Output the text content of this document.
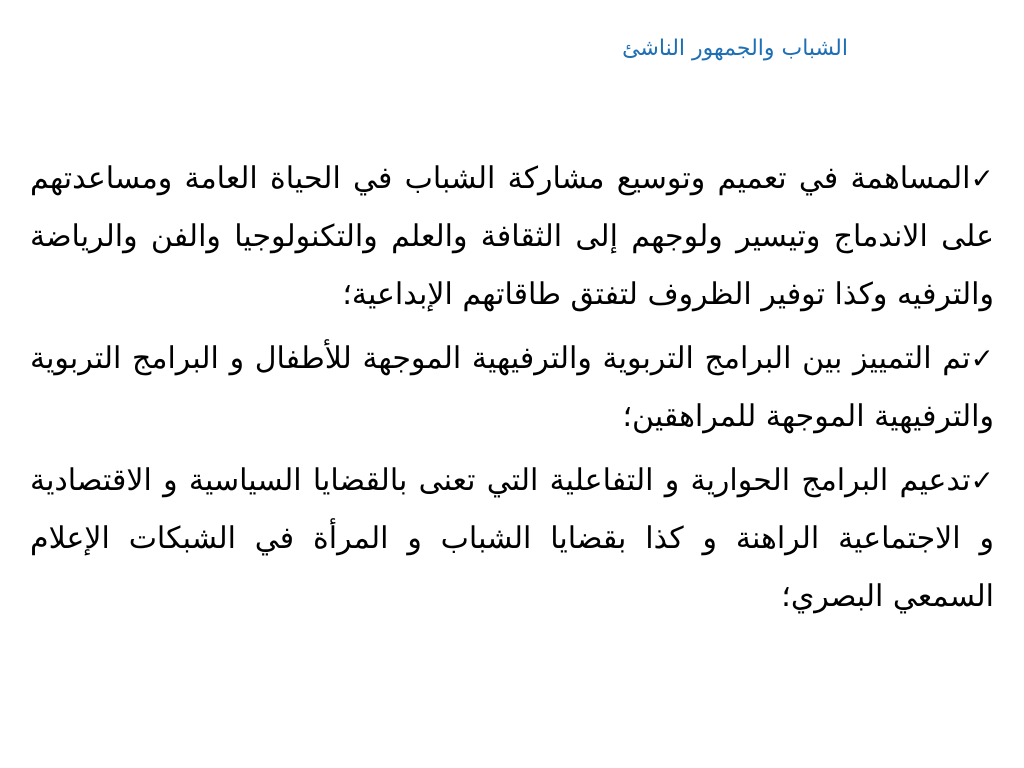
الشباب والجمهور الناشئ

✓المساهمة في تعميم وتوسيع مشاركة الشباب في الحياة العامة ومساعدتهم على الاندماج وتيسير ولوجهم إلى الثقافة والعلم والتكنولوجيا والفن والرياضة والترفيه وكذا توفير الظروف لتفتق طاقاتهم الإبداعية؛

✓تم التمييز بين البرامج التربوية والترفيهية الموجهة للأطفال و البرامج التربوية والترفيهية الموجهة للمراهقين؛

✓تدعيم البرامج الحوارية و التفاعلية التي تعنى بالقضايا السياسية و الاقتصادية و الاجتماعية الراهنة و كذا بقضايا الشباب و المرأة في الشبكات الإعلام السمعي البصري؛
